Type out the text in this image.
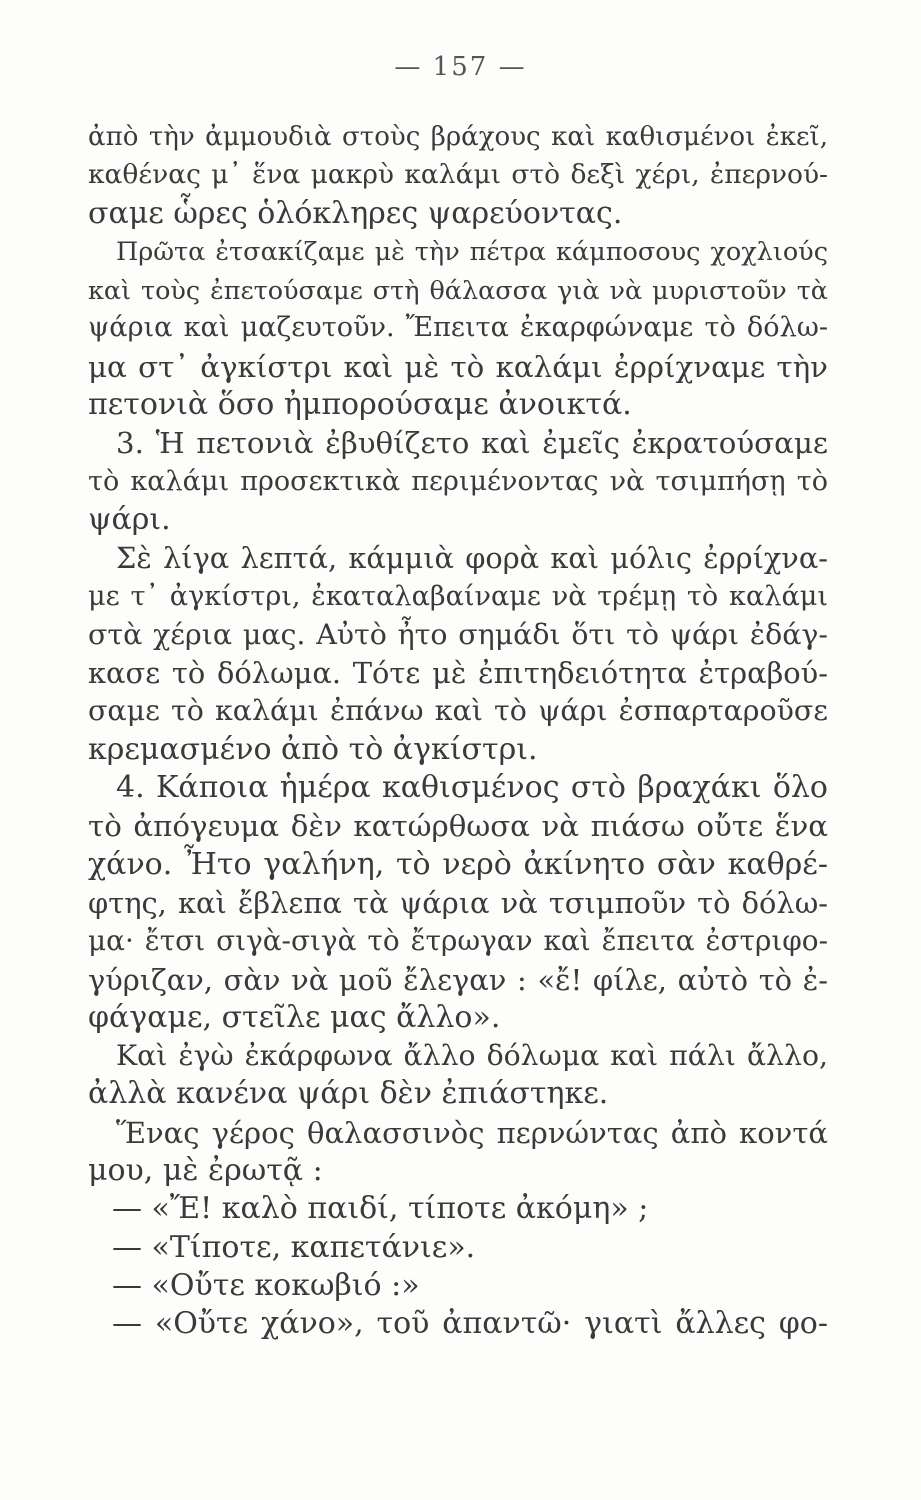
— 157 —
ἀπὸ τὴν ἀμμουδιὰ στοὺς βράχους καὶ καθισμένοι ἐκεῖ,
καθένας μ᾽ ἕνα μακρὺ καλάμι στὸ δεξὶ χέρι, ἐπερνού-
σαμε ὧρες ὁλόκληρες ψαρεύοντας.
Πρῶτα ἐτσακίζαμε μὲ τὴν πέτρα κάμποσους χοχλιούς
καὶ τοὺς ἐπετούσαμε στὴ θάλασσα γιὰ νὰ μυριστοῦν τὰ
ψάρια καὶ μαζευτοῦν. Ἔπειτα ἐκαρφώναμε τὸ δόλω-
μα στ᾽ ἀγκίστρι καὶ μὲ τὸ καλάμι ἐρρίχναμε τὴν
πετονιὰ ὅσο ἠμπορούσαμε ἀνοικτά.
3. Ἡ πετονιὰ ἐβυθίζετο καὶ ἐμεῖς ἐκρατούσαμε
τὸ καλάμι προσεκτικὰ περιμένοντας νὰ τσιμπήσῃ τὸ
ψάρι.
Σὲ λίγα λεπτά, κάμμιὰ φορὰ καὶ μόλις ἐρρίχνα-
με τ᾽ ἀγκίστρι, ἐκαταλαβαίναμε νὰ τρέμῃ τὸ καλάμι
στὰ χέρια μας. Αὐτὸ ἦτο σημάδι ὅτι τὸ ψάρι ἐδάγ-
κασε τὸ δόλωμα. Τότε μὲ ἐπιτηδειότητα ἐτραβού-
σαμε τὸ καλάμι ἐπάνω καὶ τὸ ψάρι ἐσπαρταροῦσε
κρεμασμένο ἀπὸ τὸ ἀγκίστρι.
4. Κάποια ἡμέρα καθισμένος στὸ βραχάκι ὅλο
τὸ ἀπόγευμα δὲν κατώρθωσα νὰ πιάσω οὔτε ἕνα
χάνο. Ἦτο γαλήνη, τὸ νερὸ ἀκίνητο σὰν καθρέ-
φτης, καὶ ἔβλεπα τὰ ψάρια νὰ τσιμποῦν τὸ δόλω-
μα· ἔτσι σιγὰ-σιγὰ τὸ ἔτρωγαν καὶ ἔπειτα ἐστριφο-
γύριζαν, σὰν νὰ μοῦ ἔλεγαν : «ἔ! φίλε, αὐτὸ τὸ ἐ-
φάγαμε, στεῖλε μας ἄλλο».
Καὶ ἐγὼ ἐκάρφωνα ἄλλο δόλωμα καὶ πάλι ἄλλο,
ἀλλὰ κανένα ψάρι δὲν ἐπιάστηκε.
Ἕνας γέρος θαλασσινὸς περνώντας ἀπὸ κοντά
μου, μὲ ἐρωτᾷ :
— «Ἔ! καλὸ παιδί, τίποτε ἀκόμη» ;
— «Τίποτε, καπετάνιε».
— «Οὔτε κοκωβιό :»
— «Οὔτε χάνο», τοῦ ἀπαντῶ· γιατὶ ἄλλες φο-
